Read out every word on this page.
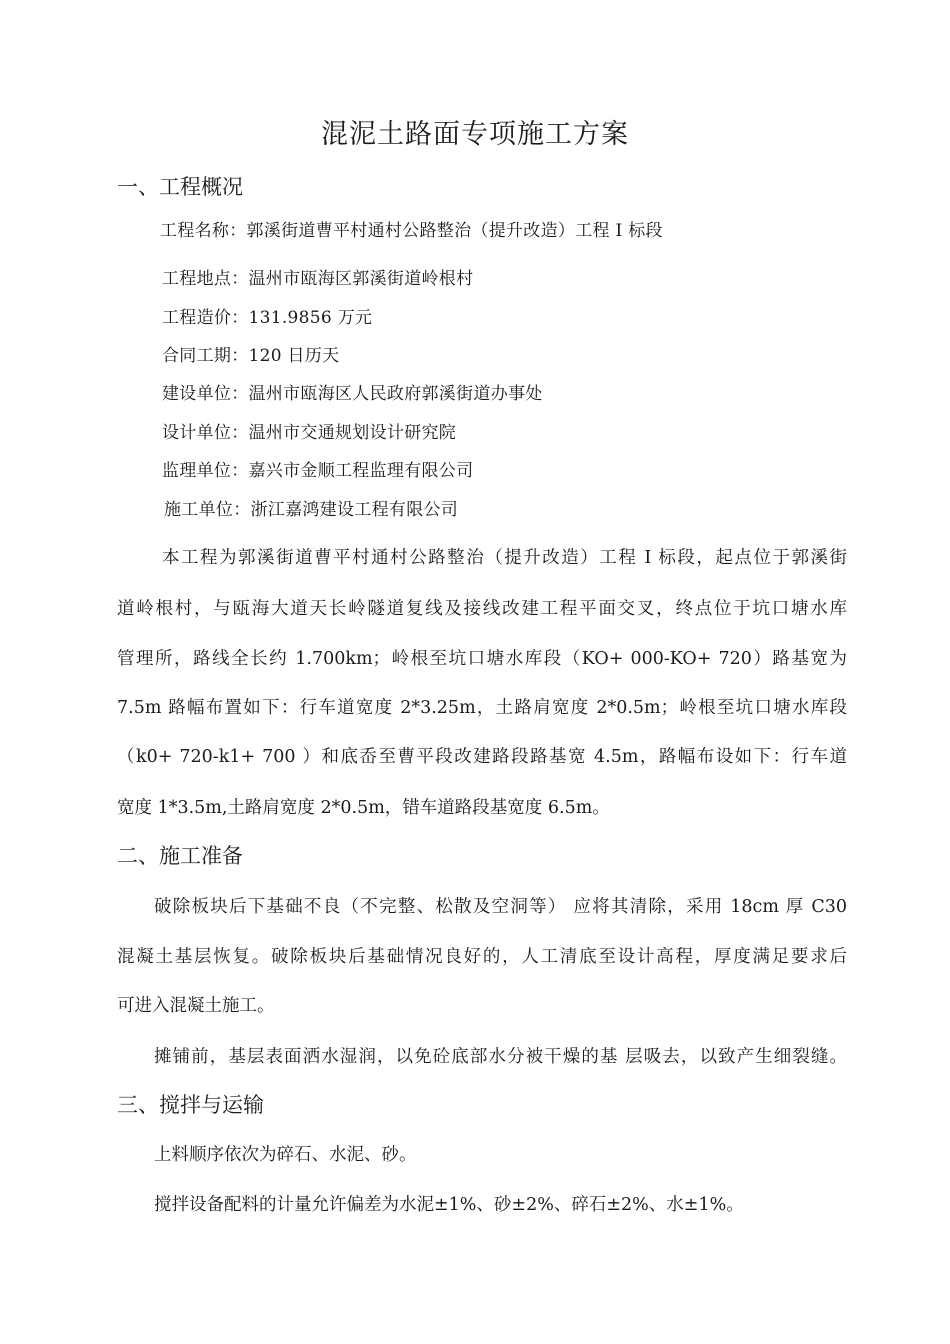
混泥土路面专项施工方案
一、工程概况
工程名称：郭溪街道曹平村通村公路整治（提升改造）工程 I 标段
工程地点：温州市瓯海区郭溪街道岭根村
工程造价：131.9856 万元
合同工期：120 日历天
建设单位：温州市瓯海区人民政府郭溪街道办事处
设计单位：温州市交通规划设计研究院
监理单位：嘉兴市金顺工程监理有限公司
施工单位：浙江嘉鸿建设工程有限公司
本工程为郭溪街道曹平村通村公路整治（提升改造）工程 I 标段，起点位于郭溪街
道岭根村，与瓯海大道天长岭隧道复线及接线改建工程平面交叉，终点位于坑口塘水库
管理所，路线全长约 1.700km；岭根至坑口塘水库段（KO+ 000-KO+ 720）路基宽为
7.5m 路幅布置如下：行车道宽度 2*3.25m，土路肩宽度 2*0.5m；岭根至坑口塘水库段
（k0+ 720-k1+ 700 ）和底岙至曹平段改建路段路基宽 4.5m，路幅布设如下：行车道
宽度 1*3.5m,土路肩宽度 2*0.5m，错车道路段基宽度 6.5m。
二、施工准备
破除板块后下基础不良（不完整、松散及空洞等） 应将其清除，采用 18cm 厚 C30
混凝土基层恢复。破除板块后基础情况良好的，人工清底至设计高程，厚度满足要求后
可进入混凝土施工。
摊铺前，基层表面洒水湿润，以免砼底部水分被干燥的基 层吸去，以致产生细裂缝。
三、搅拌与运输
上料顺序依次为碎石、水泥、砂。
搅拌设备配料的计量允许偏差为水泥±1%、砂±2%、碎石±2%、水±1%。
